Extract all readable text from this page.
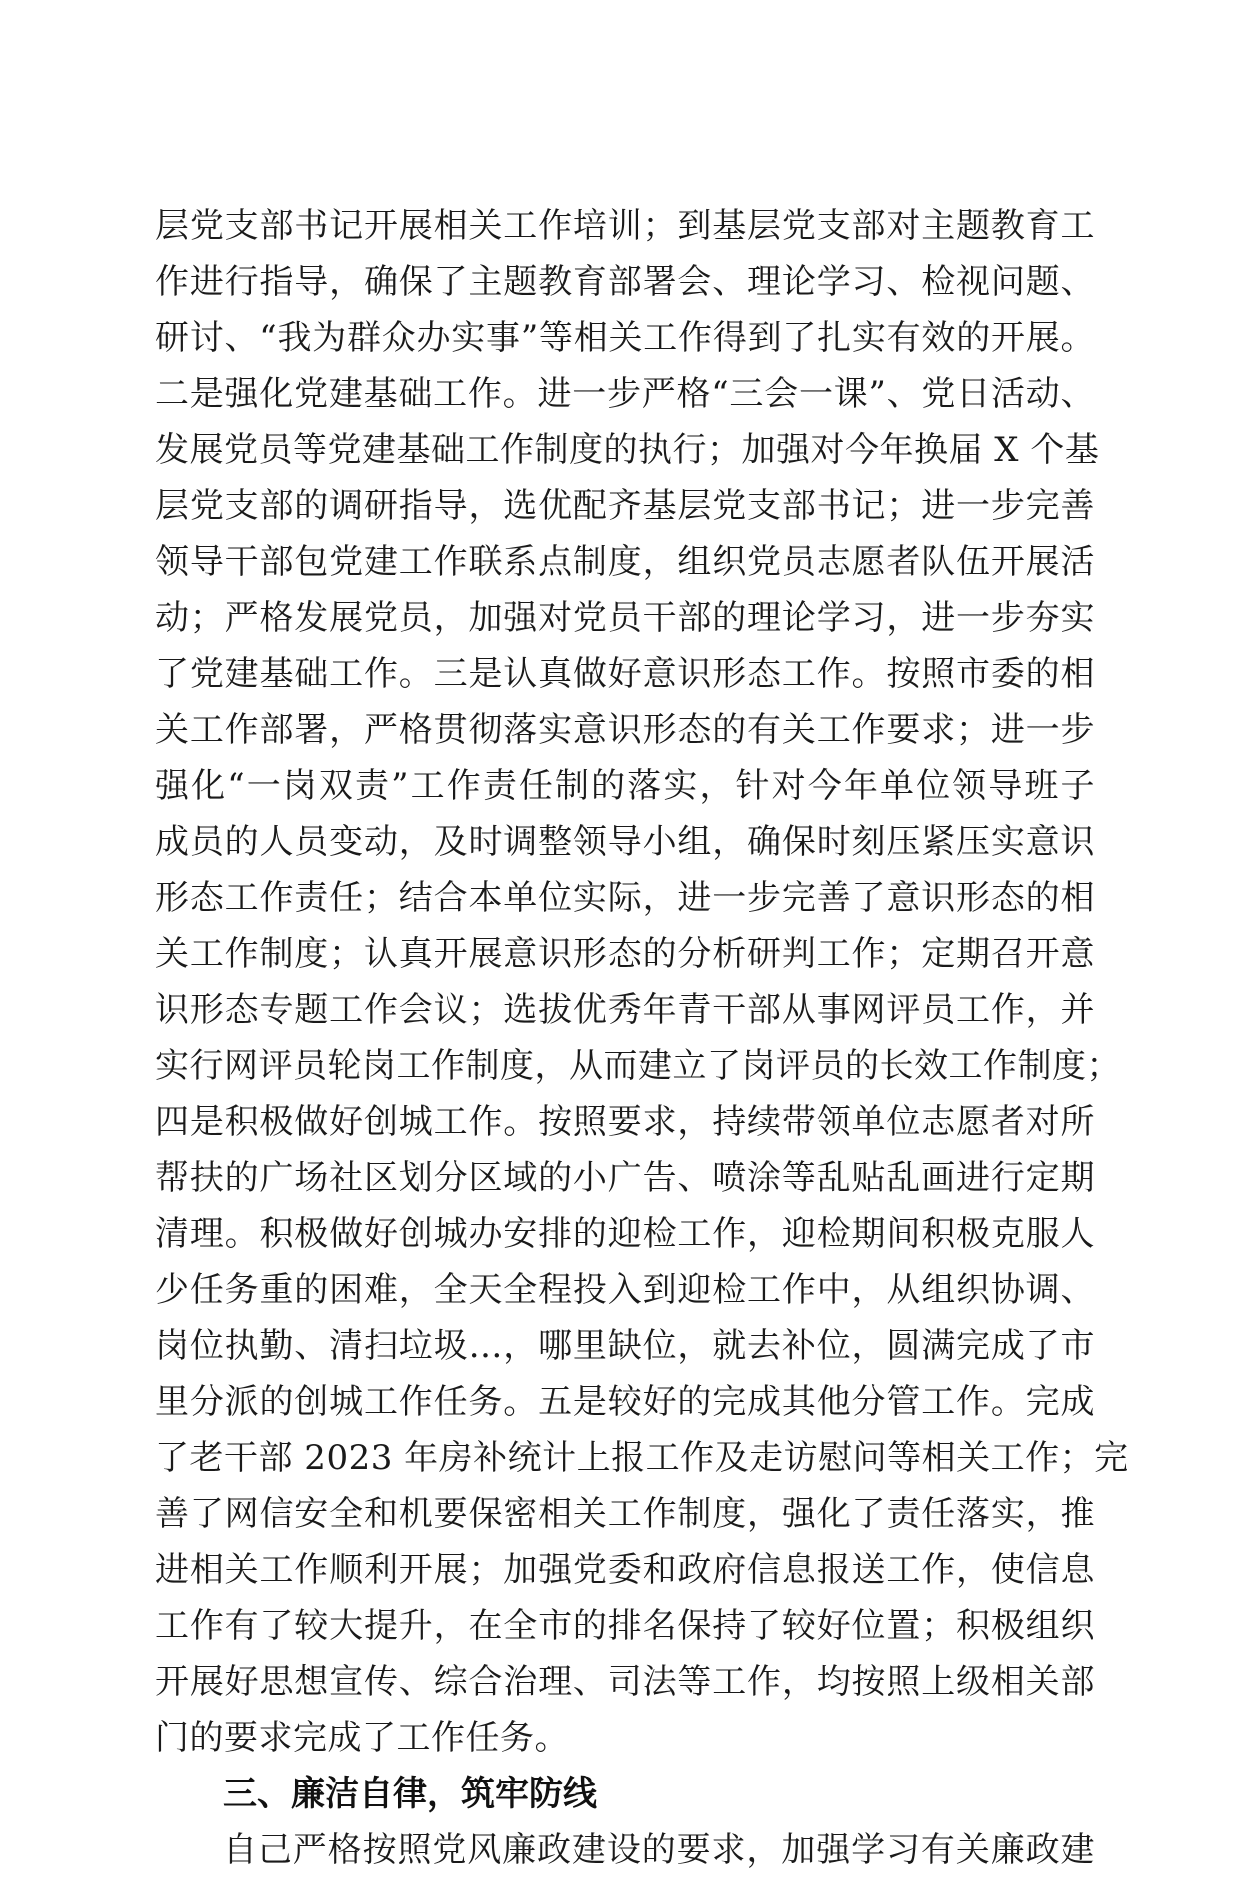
层党支部书记开展相关工作培训；到基层党支部对主题教育工
作进行指导，确保了主题教育部署会、理论学习、检视问题、
研讨、“我为群众办实事”等相关工作得到了扎实有效的开展。
二是强化党建基础工作。进一步严格“三会一课”、党日活动、
发展党员等党建基础工作制度的执行；加强对今年换届 X 个基
层党支部的调研指导，选优配齐基层党支部书记；进一步完善
领导干部包党建工作联系点制度，组织党员志愿者队伍开展活
动；严格发展党员，加强对党员干部的理论学习，进一步夯实
了党建基础工作。三是认真做好意识形态工作。按照市委的相
关工作部署，严格贯彻落实意识形态的有关工作要求；进一步
强化“一岗双责”工作责任制的落实，针对今年单位领导班子
成员的人员变动，及时调整领导小组，确保时刻压紧压实意识
形态工作责任；结合本单位实际，进一步完善了意识形态的相
关工作制度；认真开展意识形态的分析研判工作；定期召开意
识形态专题工作会议；选拔优秀年青干部从事网评员工作，并
实行网评员轮岗工作制度，从而建立了岗评员的长效工作制度；
四是积极做好创城工作。按照要求，持续带领单位志愿者对所
帮扶的广场社区划分区域的小广告、喷涂等乱贴乱画进行定期
清理。积极做好创城办安排的迎检工作，迎检期间积极克服人
少任务重的困难，全天全程投入到迎检工作中，从组织协调、
岗位执勤、清扫垃圾…，哪里缺位，就去补位，圆满完成了市
里分派的创城工作任务。五是较好的完成其他分管工作。完成
了老干部 2023 年房补统计上报工作及走访慰问等相关工作；完
善了网信安全和机要保密相关工作制度，强化了责任落实，推
进相关工作顺利开展；加强党委和政府信息报送工作，使信息
工作有了较大提升，在全市的排名保持了较好位置；积极组织
开展好思想宣传、综合治理、司法等工作，均按照上级相关部
门的要求完成了工作任务。
三、廉洁自律，筑牢防线
自己严格按照党风廉政建设的要求，加强学习有关廉政建
